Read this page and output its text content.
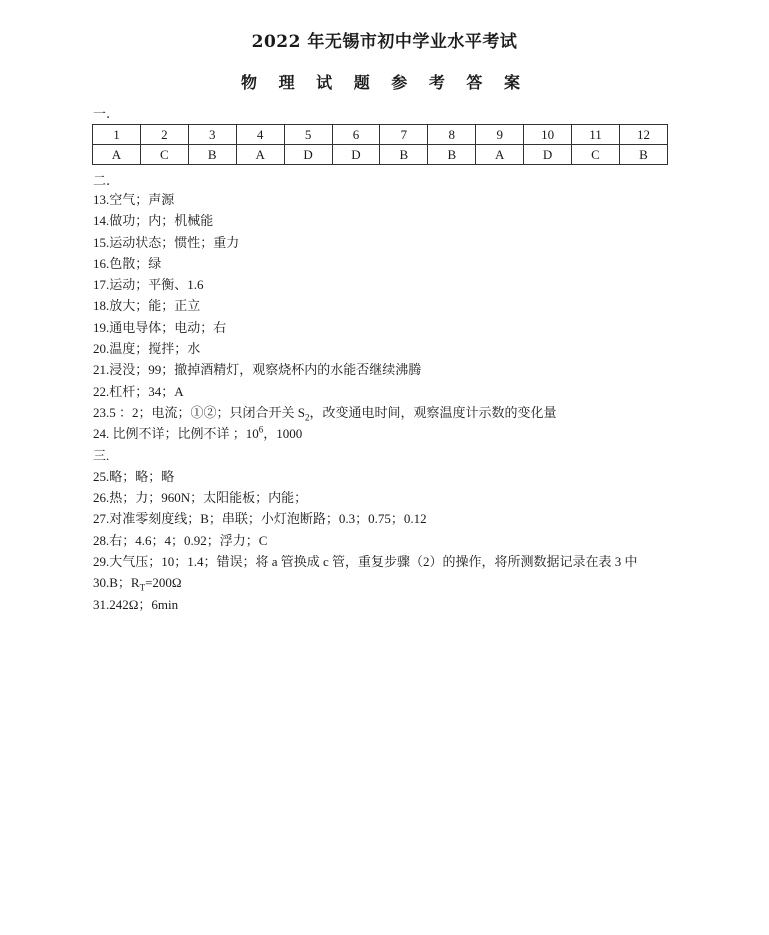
2022 年无锡市初中学业水平考试
物 理 试 题 参 考 答 案
一.
1	2	3	4	5	6	7	8	9	10	11	12
A	C	B	A	D	D	B	B	A	D	C	B
二.
13.空气；声源
14.做功；内；机械能
15.运动状态；惯性；重力
16.色散；绿
17.运动；平衡、1.6
18.放大；能；正立
19.通电导体；电动；右
20.温度；搅拌；水
21.浸没；99；撤掉酒精灯，观察烧杯内的水能否继续沸腾
22.杠杆；34；A
23.5 ：2；电流；①②；只闭合开关 $S_2$，改变通电时间，观察温度计示数的变化量
24. 比例不详；比例不详 ；$10^6$，1000
三.
25.略；略；略
26.热；力；960N；太阳能板；内能；
27.对准零刻度线；B；串联；小灯泡断路；0.3；0.75；0.12
28.右；4.6；4；0.92；浮力；C
29.大气压；10；1.4；错误；将 a 管换成 c 管，重复步骤（2）的操作，将所测数据记录在表 3 中
30.B；$R_T=200\Omega$
31.242Ω；6min
